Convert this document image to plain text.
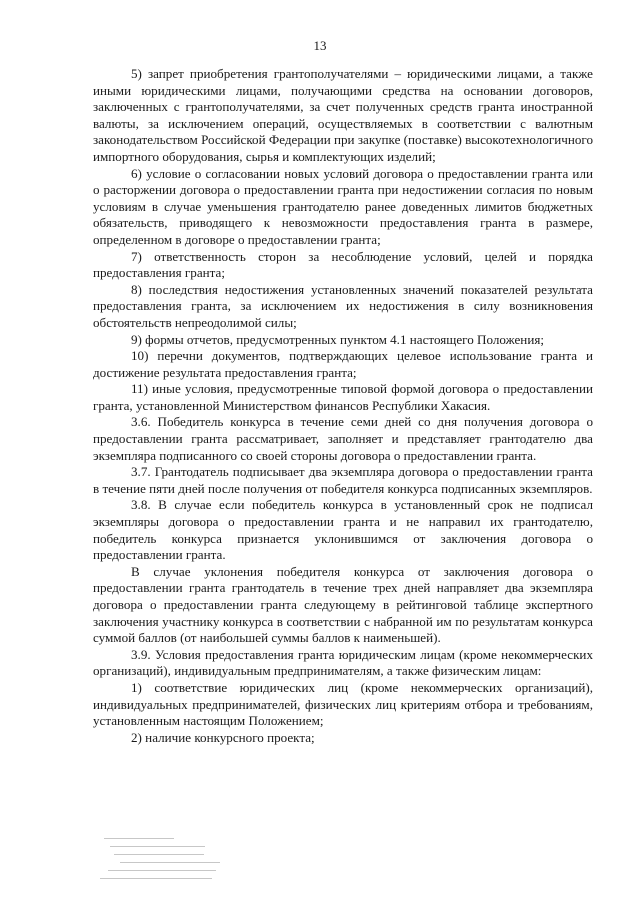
13

5) запрет приобретения грантополучателями – юридическими лицами, а также иными юридическими лицами, получающими средства на основании договоров, заключенных с грантополучателями, за счет полученных средств гранта иностранной валюты, за исключением операций, осуществляемых в соответствии с валютным законодательством Российской Федерации при закупке (поставке) высокотехнологичного импортного оборудования, сырья и комплектующих изделий;

6) условие о согласовании новых условий договора о предоставлении гранта или о расторжении договора о предоставлении гранта при недостижении согласия по новым условиям в случае уменьшения грантодателю ранее доведенных лимитов бюджетных обязательств, приводящего к невозможности предоставления гранта в размере, определенном в договоре о предоставлении гранта;

7) ответственность сторон за несоблюдение условий, целей и порядка предоставления гранта;

8) последствия недостижения установленных значений показателей результата предоставления гранта, за исключением их недостижения в силу возникновения обстоятельств непреодолимой силы;

9) формы отчетов, предусмотренных пунктом 4.1 настоящего Положения;

10) перечни документов, подтверждающих целевое использование гранта и достижение результата предоставления гранта;

11) иные условия, предусмотренные типовой формой договора о предоставлении гранта, установленной Министерством финансов Республики Хакасия.

3.6. Победитель конкурса в течение семи дней со дня получения договора о предоставлении гранта рассматривает, заполняет и представляет грантодателю два экземпляра подписанного со своей стороны договора о предоставлении гранта.

3.7. Грантодатель подписывает два экземпляра договора о предоставлении гранта в течение пяти дней после получения от победителя конкурса подписанных экземпляров.

3.8. В случае если победитель конкурса в установленный срок не подписал экземпляры договора о предоставлении гранта и не направил их грантодателю, победитель конкурса признается уклонившимся от заключения договора о предоставлении гранта.

В случае уклонения победителя конкурса от заключения договора о предоставлении гранта грантодатель в течение трех дней направляет два экземпляра договора о предоставлении гранта следующему в рейтинговой таблице экспертного заключения участнику конкурса в соответствии с набранной им по результатам конкурса суммой баллов (от наибольшей суммы баллов к наименьшей).

3.9. Условия предоставления гранта юридическим лицам (кроме некоммерческих организаций), индивидуальным предпринимателям, а также физическим лицам:

1) соответствие юридических лиц (кроме некоммерческих организаций), индивидуальных предпринимателей, физических лиц критериям отбора и требованиям, установленным настоящим Положением;

2) наличие конкурсного проекта;
